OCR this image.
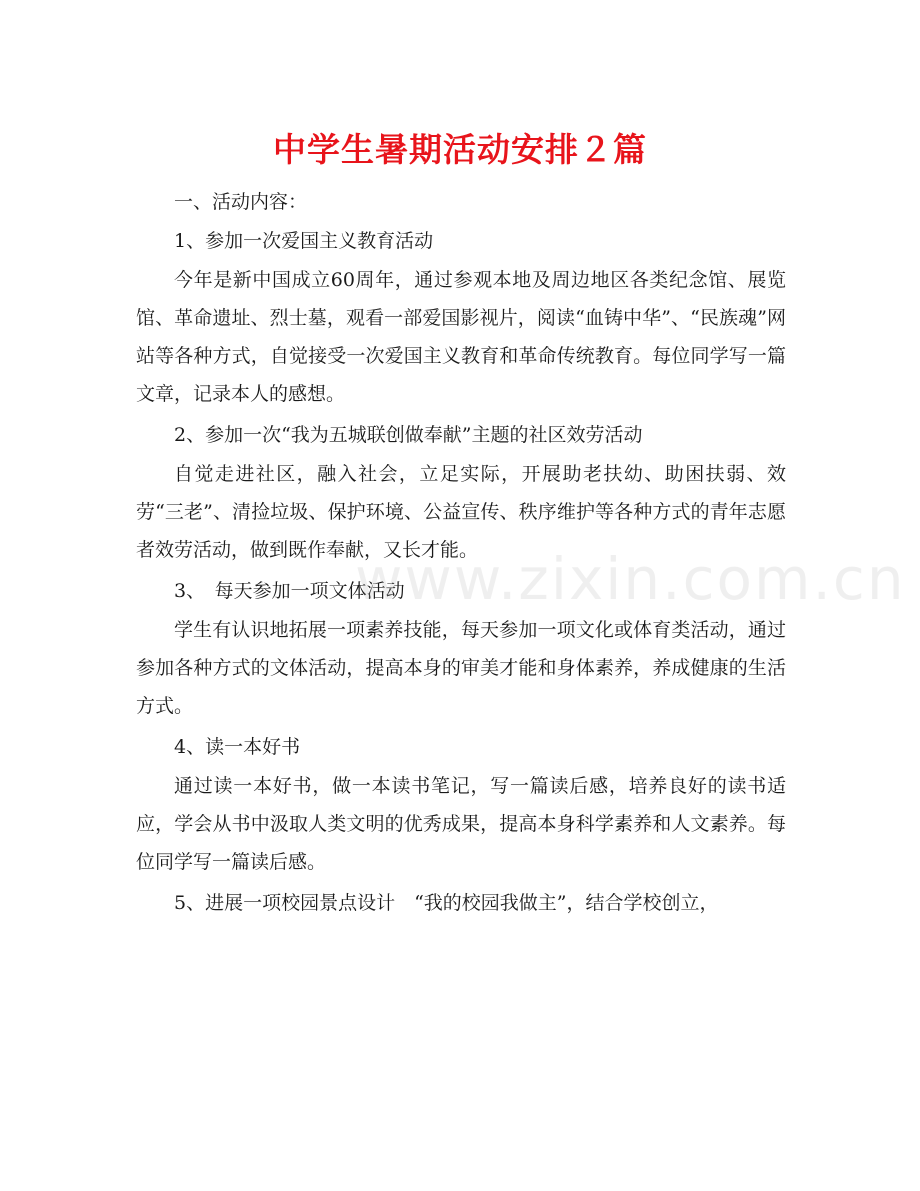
中学生暑期活动安排２篇

一、活动内容：

1、参加一次爱国主义教育活动

今年是新中国成立60周年，通过参观本地及周边地区各类纪念馆、展览馆、革命遗址、烈士墓，观看一部爱国影视片，阅读“血铸中华”、“民族魂”网站等各种方式，自觉接受一次爱国主义教育和革命传统教育。每位同学写一篇文章，记录本人的感想。

2、参加一次“我为五城联创做奉献”主题的社区效劳活动

自觉走进社区，融入社会，立足实际，开展助老扶幼、助困扶弱、效劳“三老”、清捡垃圾、保护环境、公益宣传、秩序维护等各种方式的青年志愿者效劳活动，做到既作奉献，又长才能。

3、　每天参加一项文体活动

学生有认识地拓展一项素养技能，每天参加一项文化或体育类活动，通过参加各种方式的文体活动，提高本身的审美才能和身体素养，养成健康的生活方式。

4、读一本好书

通过读一本好书，做一本读书笔记，写一篇读后感，培养良好的读书适应，学会从书中汲取人类文明的优秀成果，提高本身科学素养和人文素养。每位同学写一篇读后感。

5、进展一项校园景点设计　“我的校园我做主”，结合学校创立，

www.zixin.com.cn
